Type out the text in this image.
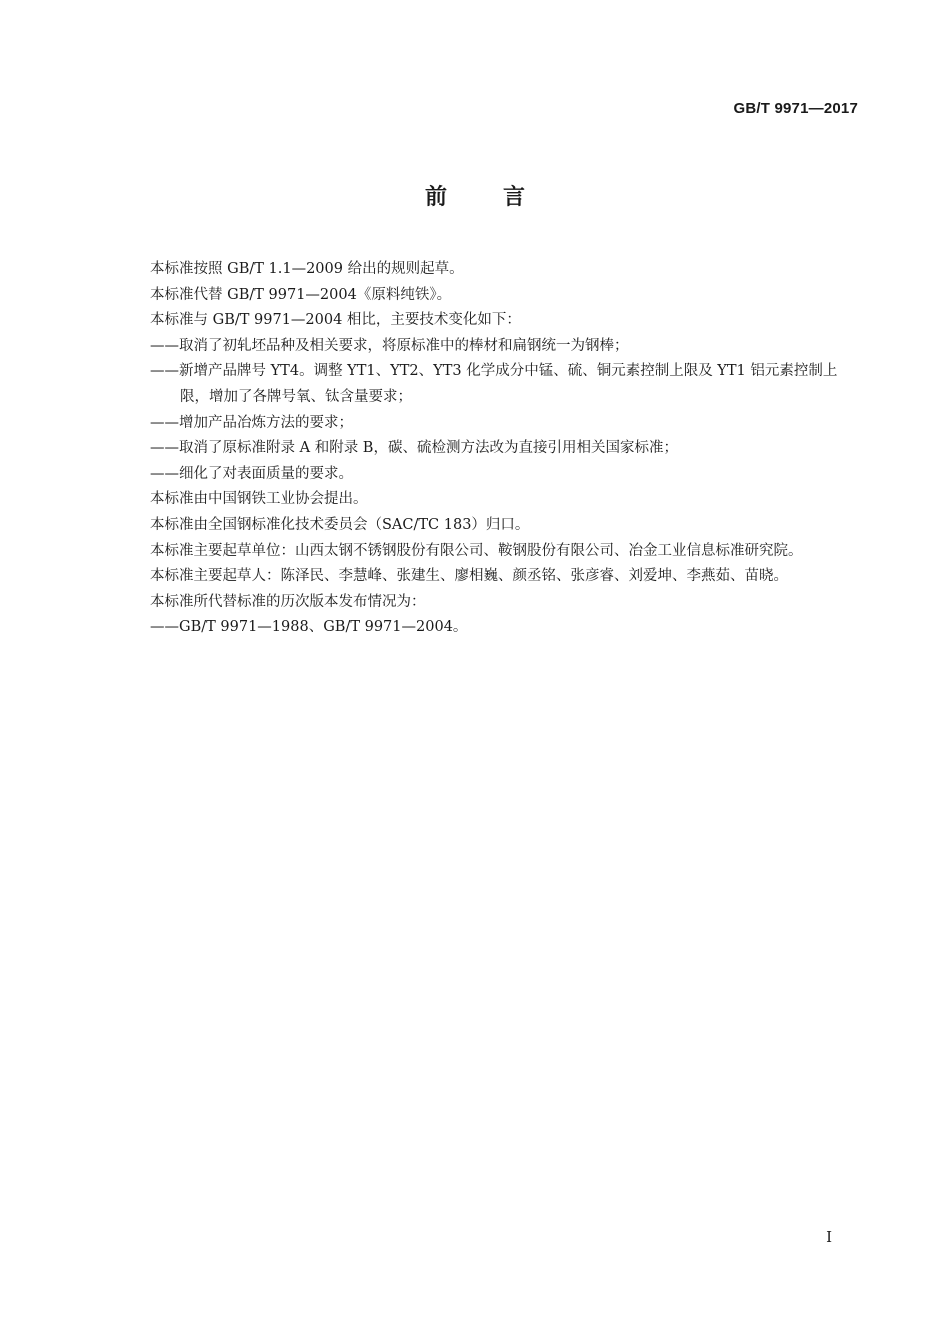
GB/T 9971—2017
前言

本标准按照 GB/T 1.1—2009 给出的规则起草。

本标准代替 GB/T 9971—2004《原料纯铁》。

本标准与 GB/T 9971—2004 相比，主要技术变化如下：

——取消了初轧坯品种及相关要求，将原标准中的棒材和扁钢统一为钢棒；

——新增产品牌号 YT4。调整 YT1、YT2、YT3 化学成分中锰、硫、铜元素控制上限及 YT1 铝元素控制上限，增加了各牌号氧、钛含量要求；

——增加产品冶炼方法的要求；

——取消了原标准附录 A 和附录 B，碳、硫检测方法改为直接引用相关国家标准；

——细化了对表面质量的要求。

本标准由中国钢铁工业协会提出。

本标准由全国钢标准化技术委员会（SAC/TC 183）归口。

本标准主要起草单位：山西太钢不锈钢股份有限公司、鞍钢股份有限公司、冶金工业信息标准研究院。

本标准主要起草人：陈泽民、李慧峰、张建生、廖相巍、颜丞铭、张彦睿、刘爱坤、李燕茹、苗晓。

本标准所代替标准的历次版本发布情况为：

——GB/T 9971—1988、GB/T 9971—2004。

I
